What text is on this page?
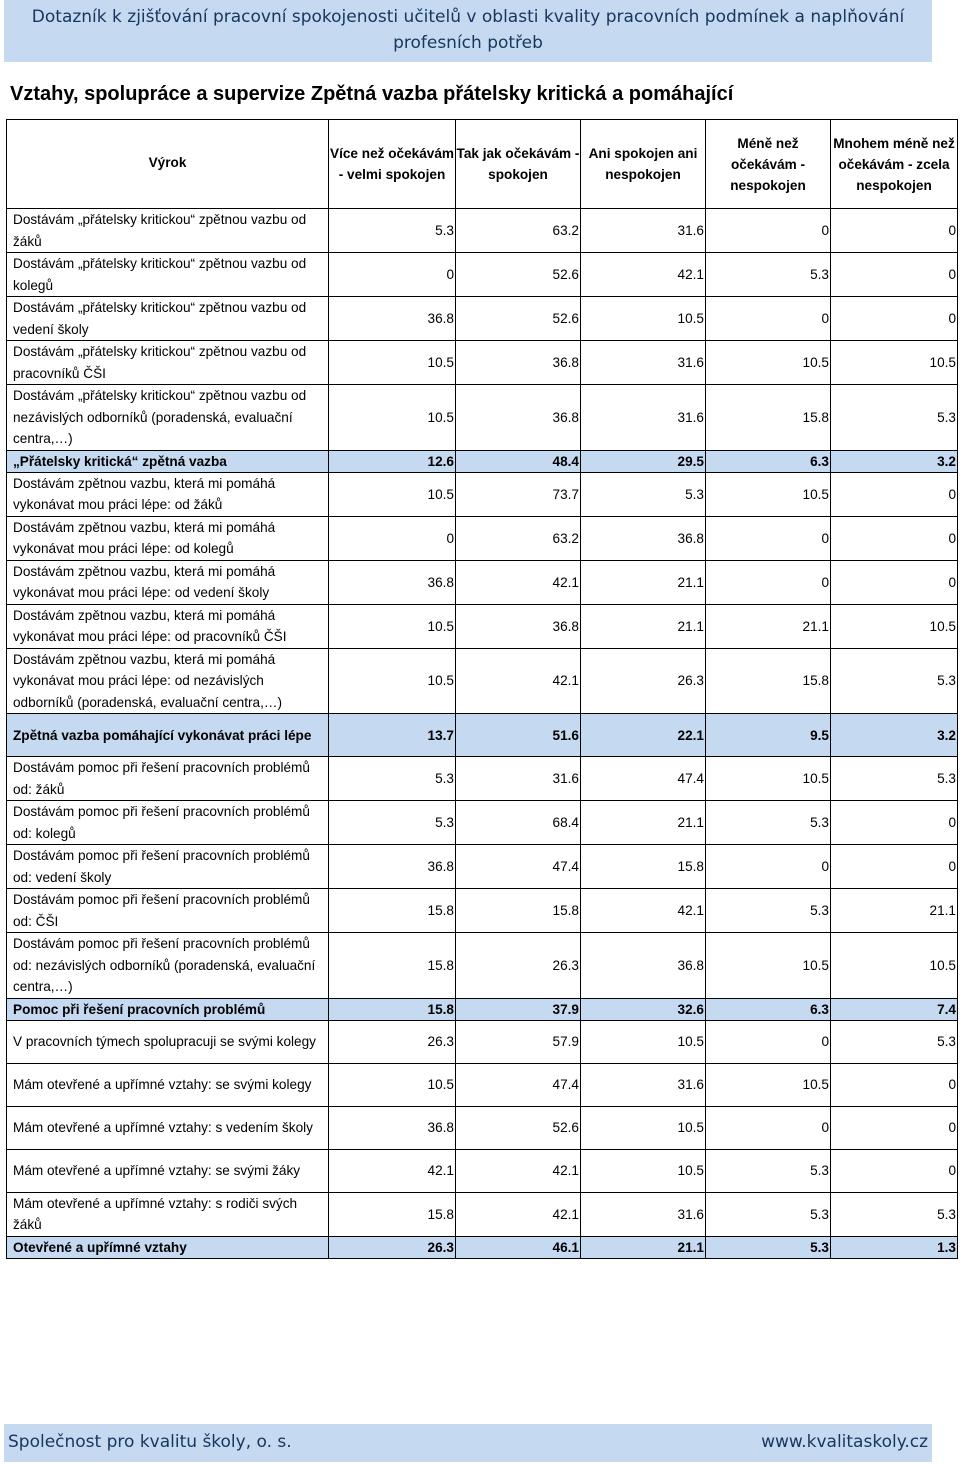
Dotazník k zjišťování pracovní spokojenosti učitelů v oblasti kvality pracovních podmínek a naplňování
profesních potřeb
Vztahy, spolupráce a supervize Zpětná vazba přátelsky kritická a pomáhající
Výrok	Více než očekávám - velmi spokojen	Tak jak očekávám - spokojen	Ani spokojen ani nespokojen	Méně než očekávám - nespokojen	Mnohem méně než očekávám - zcela nespokojen
Dostávám „přátelsky kritickou“ zpětnou vazbu od žáků	5.3	63.2	31.6	0	0
Dostávám „přátelsky kritickou“ zpětnou vazbu od kolegů	0	52.6	42.1	5.3	0
Dostávám „přátelsky kritickou“ zpětnou vazbu od vedení školy	36.8	52.6	10.5	0	0
Dostávám „přátelsky kritickou“ zpětnou vazbu od pracovníků ČŠI	10.5	36.8	31.6	10.5	10.5
Dostávám „přátelsky kritickou“ zpětnou vazbu od nezávislých odborníků (poradenská, evaluační centra,…)	10.5	36.8	31.6	15.8	5.3
„Přátelsky kritická“ zpětná vazba	12.6	48.4	29.5	6.3	3.2
Dostávám zpětnou vazbu, která mi pomáhá vykonávat mou práci lépe: od žáků	10.5	73.7	5.3	10.5	0
Dostávám zpětnou vazbu, která mi pomáhá vykonávat mou práci lépe: od kolegů	0	63.2	36.8	0	0
Dostávám zpětnou vazbu, která mi pomáhá vykonávat mou práci lépe: od vedení školy	36.8	42.1	21.1	0	0
Dostávám zpětnou vazbu, která mi pomáhá vykonávat mou práci lépe: od pracovníků ČŠI	10.5	36.8	21.1	21.1	10.5
Dostávám zpětnou vazbu, která mi pomáhá vykonávat mou práci lépe: od nezávislých odborníků (poradenská, evaluační centra,…)	10.5	42.1	26.3	15.8	5.3
Zpětná vazba pomáhající vykonávat práci lépe	13.7	51.6	22.1	9.5	3.2
Dostávám pomoc při řešení pracovních problémů od: žáků	5.3	31.6	47.4	10.5	5.3
Dostávám pomoc při řešení pracovních problémů od: kolegů	5.3	68.4	21.1	5.3	0
Dostávám pomoc při řešení pracovních problémů od: vedení školy	36.8	47.4	15.8	0	0
Dostávám pomoc při řešení pracovních problémů od: ČŠI	15.8	15.8	42.1	5.3	21.1
Dostávám pomoc při řešení pracovních problémů od: nezávislých odborníků (poradenská, evaluační centra,…)	15.8	26.3	36.8	10.5	10.5
Pomoc při řešení pracovních problémů	15.8	37.9	32.6	6.3	7.4
V pracovních týmech spolupracuji se svými kolegy	26.3	57.9	10.5	0	5.3
Mám otevřené a upřímné vztahy: se svými kolegy	10.5	47.4	31.6	10.5	0
Mám otevřené a upřímné vztahy: s vedením školy	36.8	52.6	10.5	0	0
Mám otevřené a upřímné vztahy: se svými žáky	42.1	42.1	10.5	5.3	0
Mám otevřené a upřímné vztahy: s rodiči svých žáků	15.8	42.1	31.6	5.3	5.3
Otevřené a upřímné vztahy	26.3	46.1	21.1	5.3	1.3
Společnost pro kvalitu školy, o. s.	www.kvalitaskoly.cz
